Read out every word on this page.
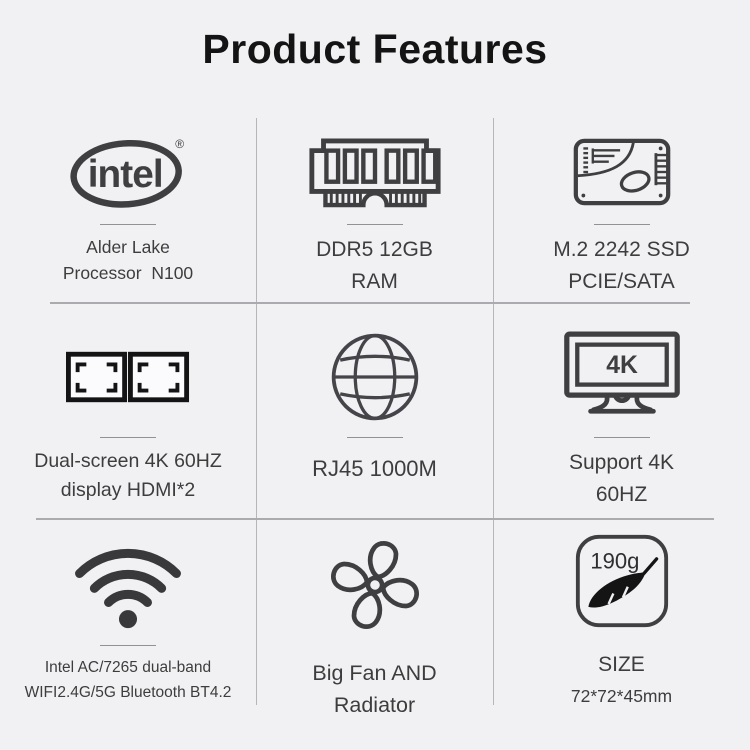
Product Features
intel
®
Alder Lake
Processor  N100
DDR5 12GB
RAM
M.2 2242 SSD
PCIE/SATA
Dual-screen 4K 60HZ
display HDMI*2
RJ45 1000M
4K
Support 4K
60HZ
Intel AC/7265 dual-band
WIFI2.4G/5G Bluetooth BT4.2
Big Fan AND
Radiator
190g
SIZE
72*72*45mm
